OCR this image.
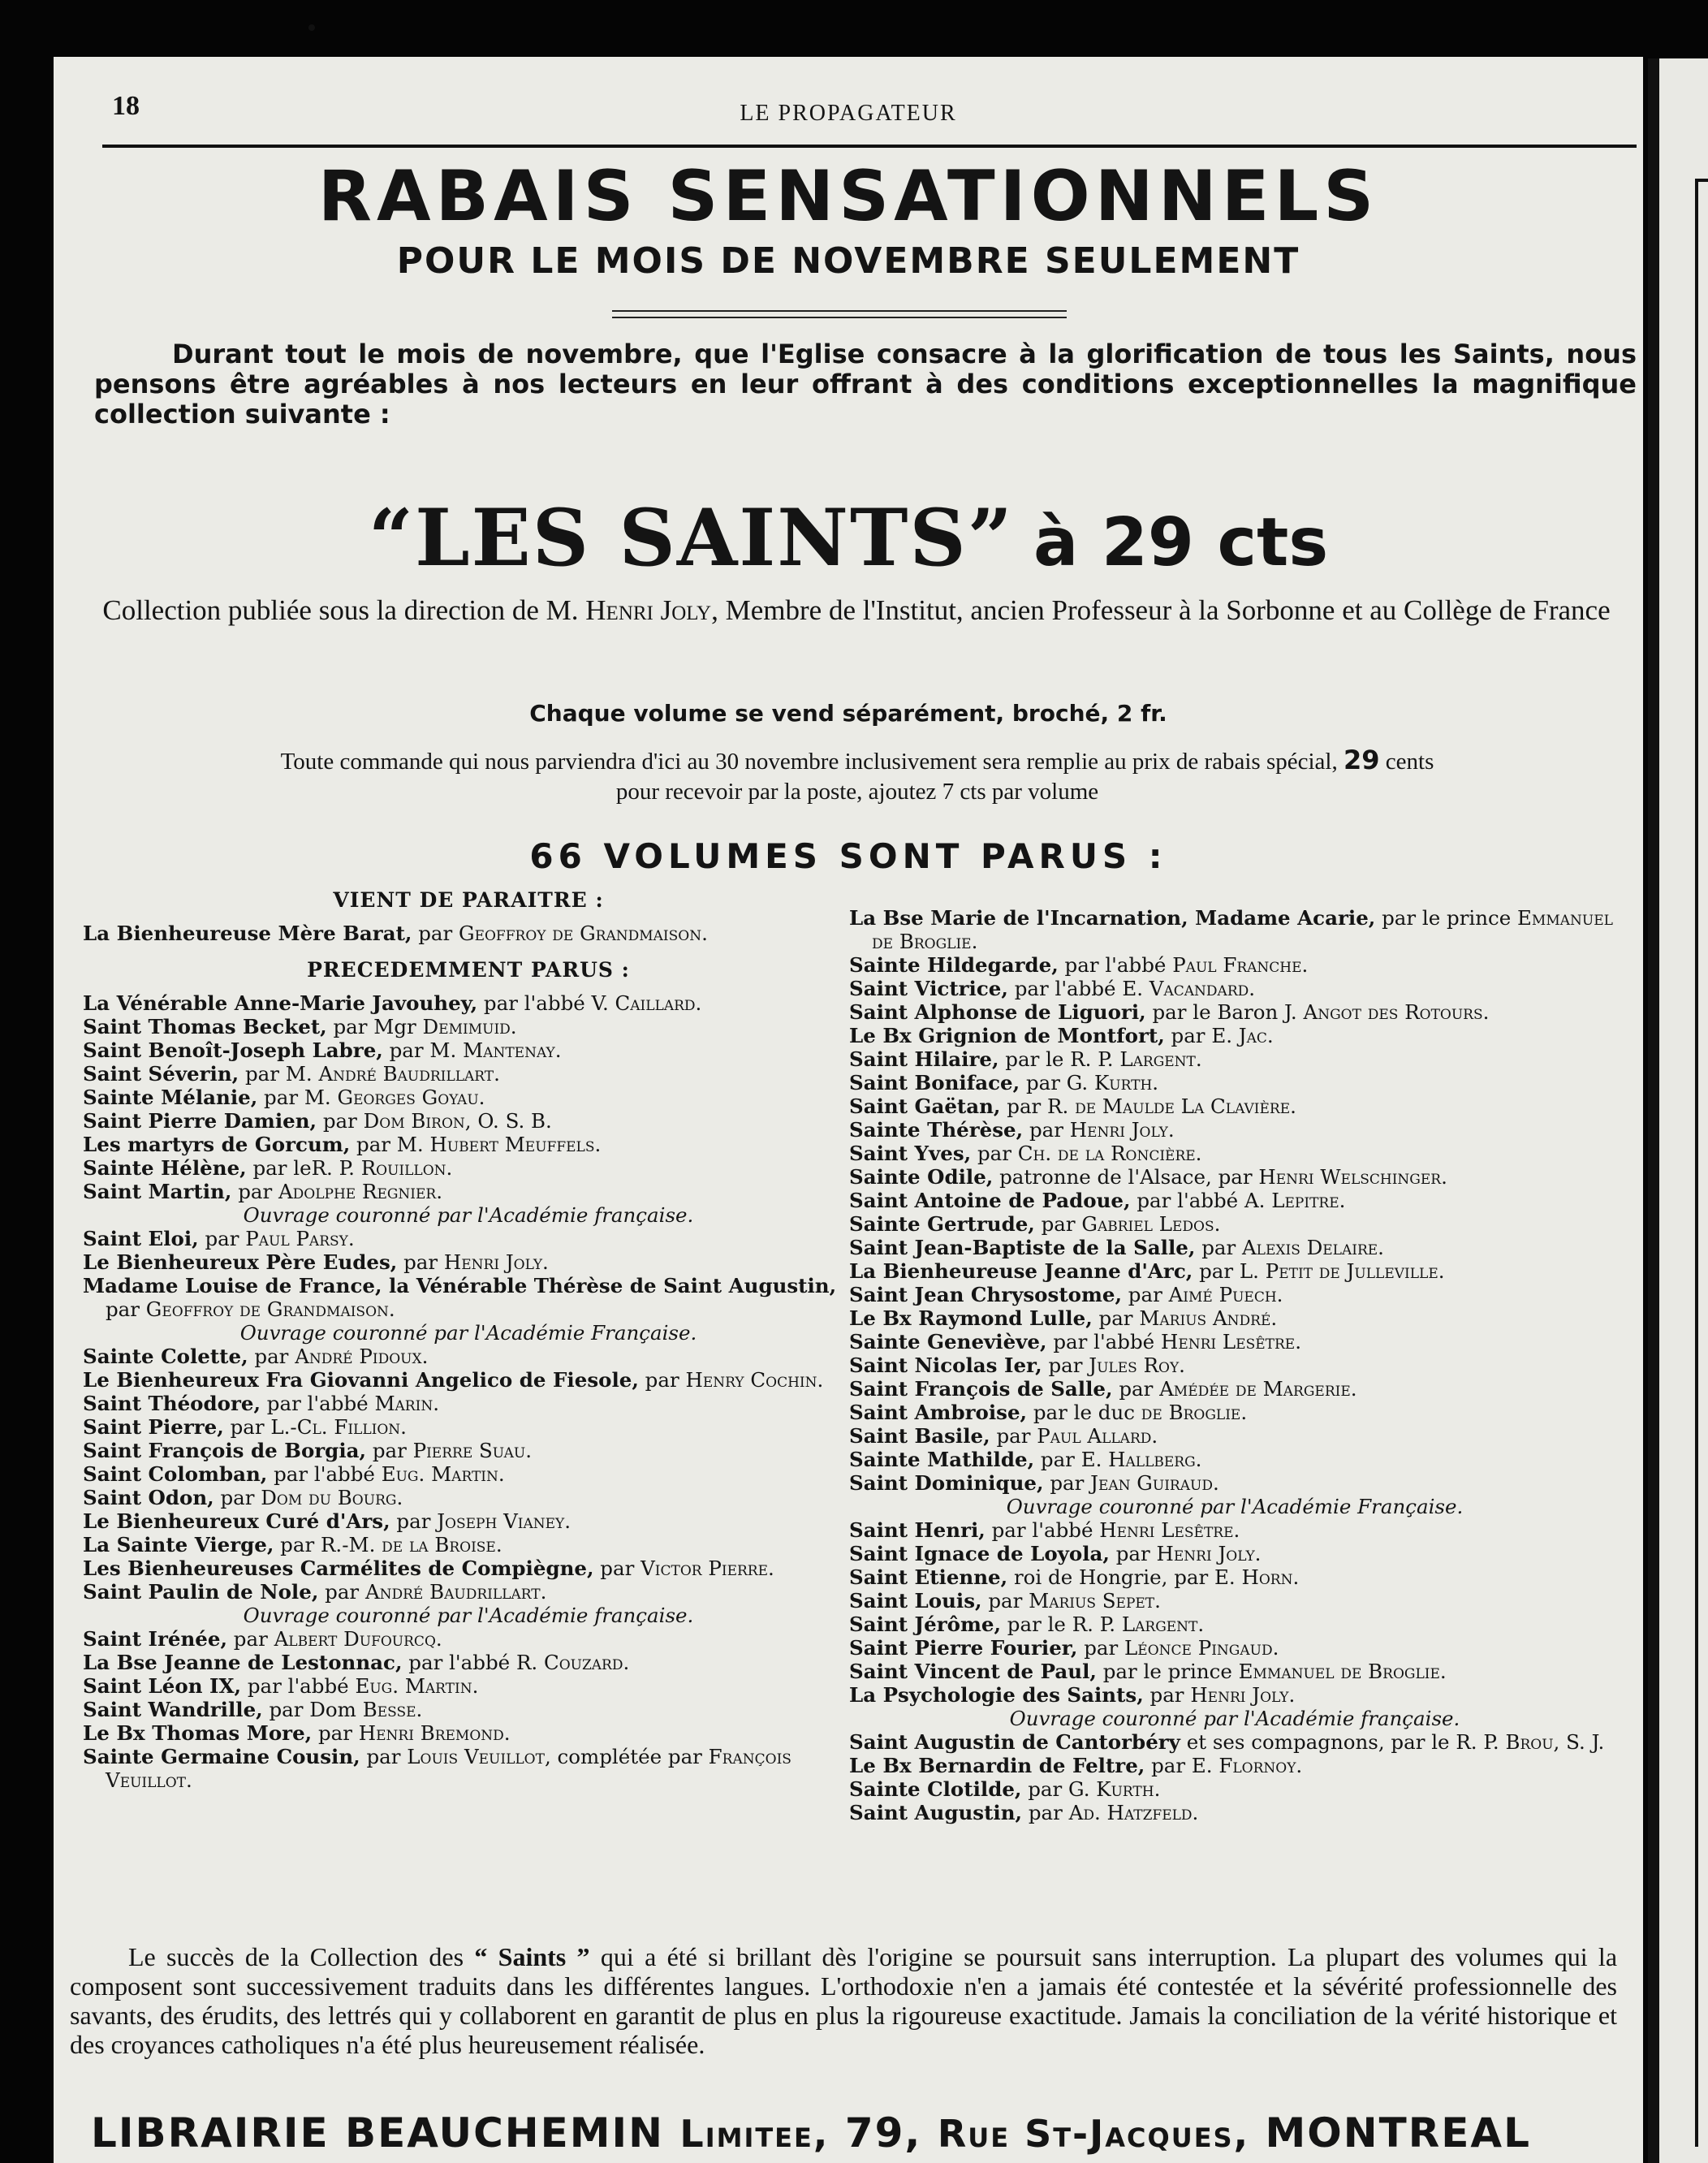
18	LE PROPAGATEUR
RABAIS SENSATIONNELS
POUR LE MOIS DE NOVEMBRE SEULEMENT
Durant tout le mois de novembre, que l'Eglise consacre à la glorification de tous les Saints, nous pensons être agréables à nos lecteurs en leur offrant à des conditions exceptionnelles la magnifique collection suivante :
“LES SAINTS” à 29 cts
Collection publiée sous la direction de M. Henri Joly, Membre de l'Institut, ancien Professeur à la Sorbonne et au Collège de France
Chaque volume se vend séparément, broché, 2 fr.
Toute commande qui nous parviendra d'ici au 30 novembre inclusivement sera remplie au prix de rabais spécial, 29 cents
pour recevoir par la poste, ajoutez 7 cts par volume
66 VOLUMES SONT PARUS :
VIENT DE PARAITRE :
La Bienheureuse Mère Barat, par Geoffroy de Grandmaison.
PRECEDEMMENT PARUS :
La Vénérable Anne-Marie Javouhey, par l'abbé V. Caillard.
Saint Thomas Becket, par Mgr Demimuid.
Saint Benoît-Joseph Labre, par M. Mantenay.
Saint Séverin, par M. André Baudrillart.
Sainte Mélanie, par M. Georges Goyau.
Saint Pierre Damien, par Dom Biron, O. S. B.
Les martyrs de Gorcum, par M. Hubert Meuffels.
Sainte Hélène, par leR. P. Rouillon.
Saint Martin, par Adolphe Regnier.
Ouvrage couronné par l'Académie française.
Saint Eloi, par Paul Parsy.
Le Bienheureux Père Eudes, par Henri Joly.
Madame Louise de France, la Vénérable Thérèse de Saint Augustin, par Geoffroy de Grandmaison.
Ouvrage couronné par l'Académie Française.
Sainte Colette, par André Pidoux.
Le Bienheureux Fra Giovanni Angelico de Fiesole, par Henry Cochin.
Saint Théodore, par l'abbé Marin.
Saint Pierre, par L.-Cl. Fillion.
Saint François de Borgia, par Pierre Suau.
Saint Colomban, par l'abbé Eug. Martin.
Saint Odon, par Dom du Bourg.
Le Bienheureux Curé d'Ars, par Joseph Vianey.
La Sainte Vierge, par R.-M. de la Broise.
Les Bienheureuses Carmélites de Compiègne, par Victor Pierre.
Saint Paulin de Nole, par André Baudrillart.
Ouvrage couronné par l'Académie française.
Saint Irénée, par Albert Dufourcq.
La Bse Jeanne de Lestonnac, par l'abbé R. Couzard.
Saint Léon IX, par l'abbé Eug. Martin.
Saint Wandrille, par Dom Besse.
Le Bx Thomas More, par Henri Bremond.
Sainte Germaine Cousin, par Louis Veuillot, complétée par François Veuillot.
La Bse Marie de l'Incarnation, Madame Acarie, par le prince Emmanuel de Broglie.
Sainte Hildegarde, par l'abbé Paul Franche.
Saint Victrice, par l'abbé E. Vacandard.
Saint Alphonse de Liguori, par le Baron J. Angot des Rotours.
Le Bx Grignion de Montfort, par E. Jac.
Saint Hilaire, par le R. P. Largent.
Saint Boniface, par G. Kurth.
Saint Gaëtan, par R. de Maulde La Clavière.
Sainte Thérèse, par Henri Joly.
Saint Yves, par Ch. de la Roncière.
Sainte Odile, patronne de l'Alsace, par Henri Welschinger.
Saint Antoine de Padoue, par l'abbé A. Lepitre.
Sainte Gertrude, par Gabriel Ledos.
Saint Jean-Baptiste de la Salle, par Alexis Delaire.
La Bienheureuse Jeanne d'Arc, par L. Petit de Julleville.
Saint Jean Chrysostome, par Aimé Puech.
Le Bx Raymond Lulle, par Marius André.
Sainte Geneviève, par l'abbé Henri Lesêtre.
Saint Nicolas Ier, par Jules Roy.
Saint François de Salle, par Amédée de Margerie.
Saint Ambroise, par le duc de Broglie.
Saint Basile, par Paul Allard.
Sainte Mathilde, par E. Hallberg.
Saint Dominique, par Jean Guiraud.
Ouvrage couronné par l'Académie Française.
Saint Henri, par l'abbé Henri Lesêtre.
Saint Ignace de Loyola, par Henri Joly.
Saint Etienne, roi de Hongrie, par E. Horn.
Saint Louis, par Marius Sepet.
Saint Jérôme, par le R. P. Largent.
Saint Pierre Fourier, par Léonce Pingaud.
Saint Vincent de Paul, par le prince Emmanuel de Broglie.
La Psychologie des Saints, par Henri Joly.
Ouvrage couronné par l'Académie française.
Saint Augustin de Cantorbéry et ses compagnons, par le R. P. Brou, S. J.
Le Bx Bernardin de Feltre, par E. Flornoy.
Sainte Clotilde, par G. Kurth.
Saint Augustin, par Ad. Hatzfeld.

Le succès de la Collection des “ Saints ” qui a été si brillant dès l'origine se poursuit sans interruption. La plupart des volumes qui la composent sont successivement traduits dans les différentes langues. L'orthodoxie n'en a jamais été contestée et la sévérité professionnelle des savants, des érudits, des lettrés qui y collaborent en garantit de plus en plus la rigoureuse exactitude. Jamais la conciliation de la vérité historique et des croyances catholiques n'a été plus heureusement réalisée.

LIBRAIRIE BEAUCHEMIN Limitee, 79, Rue St-Jacques, MONTREAL
